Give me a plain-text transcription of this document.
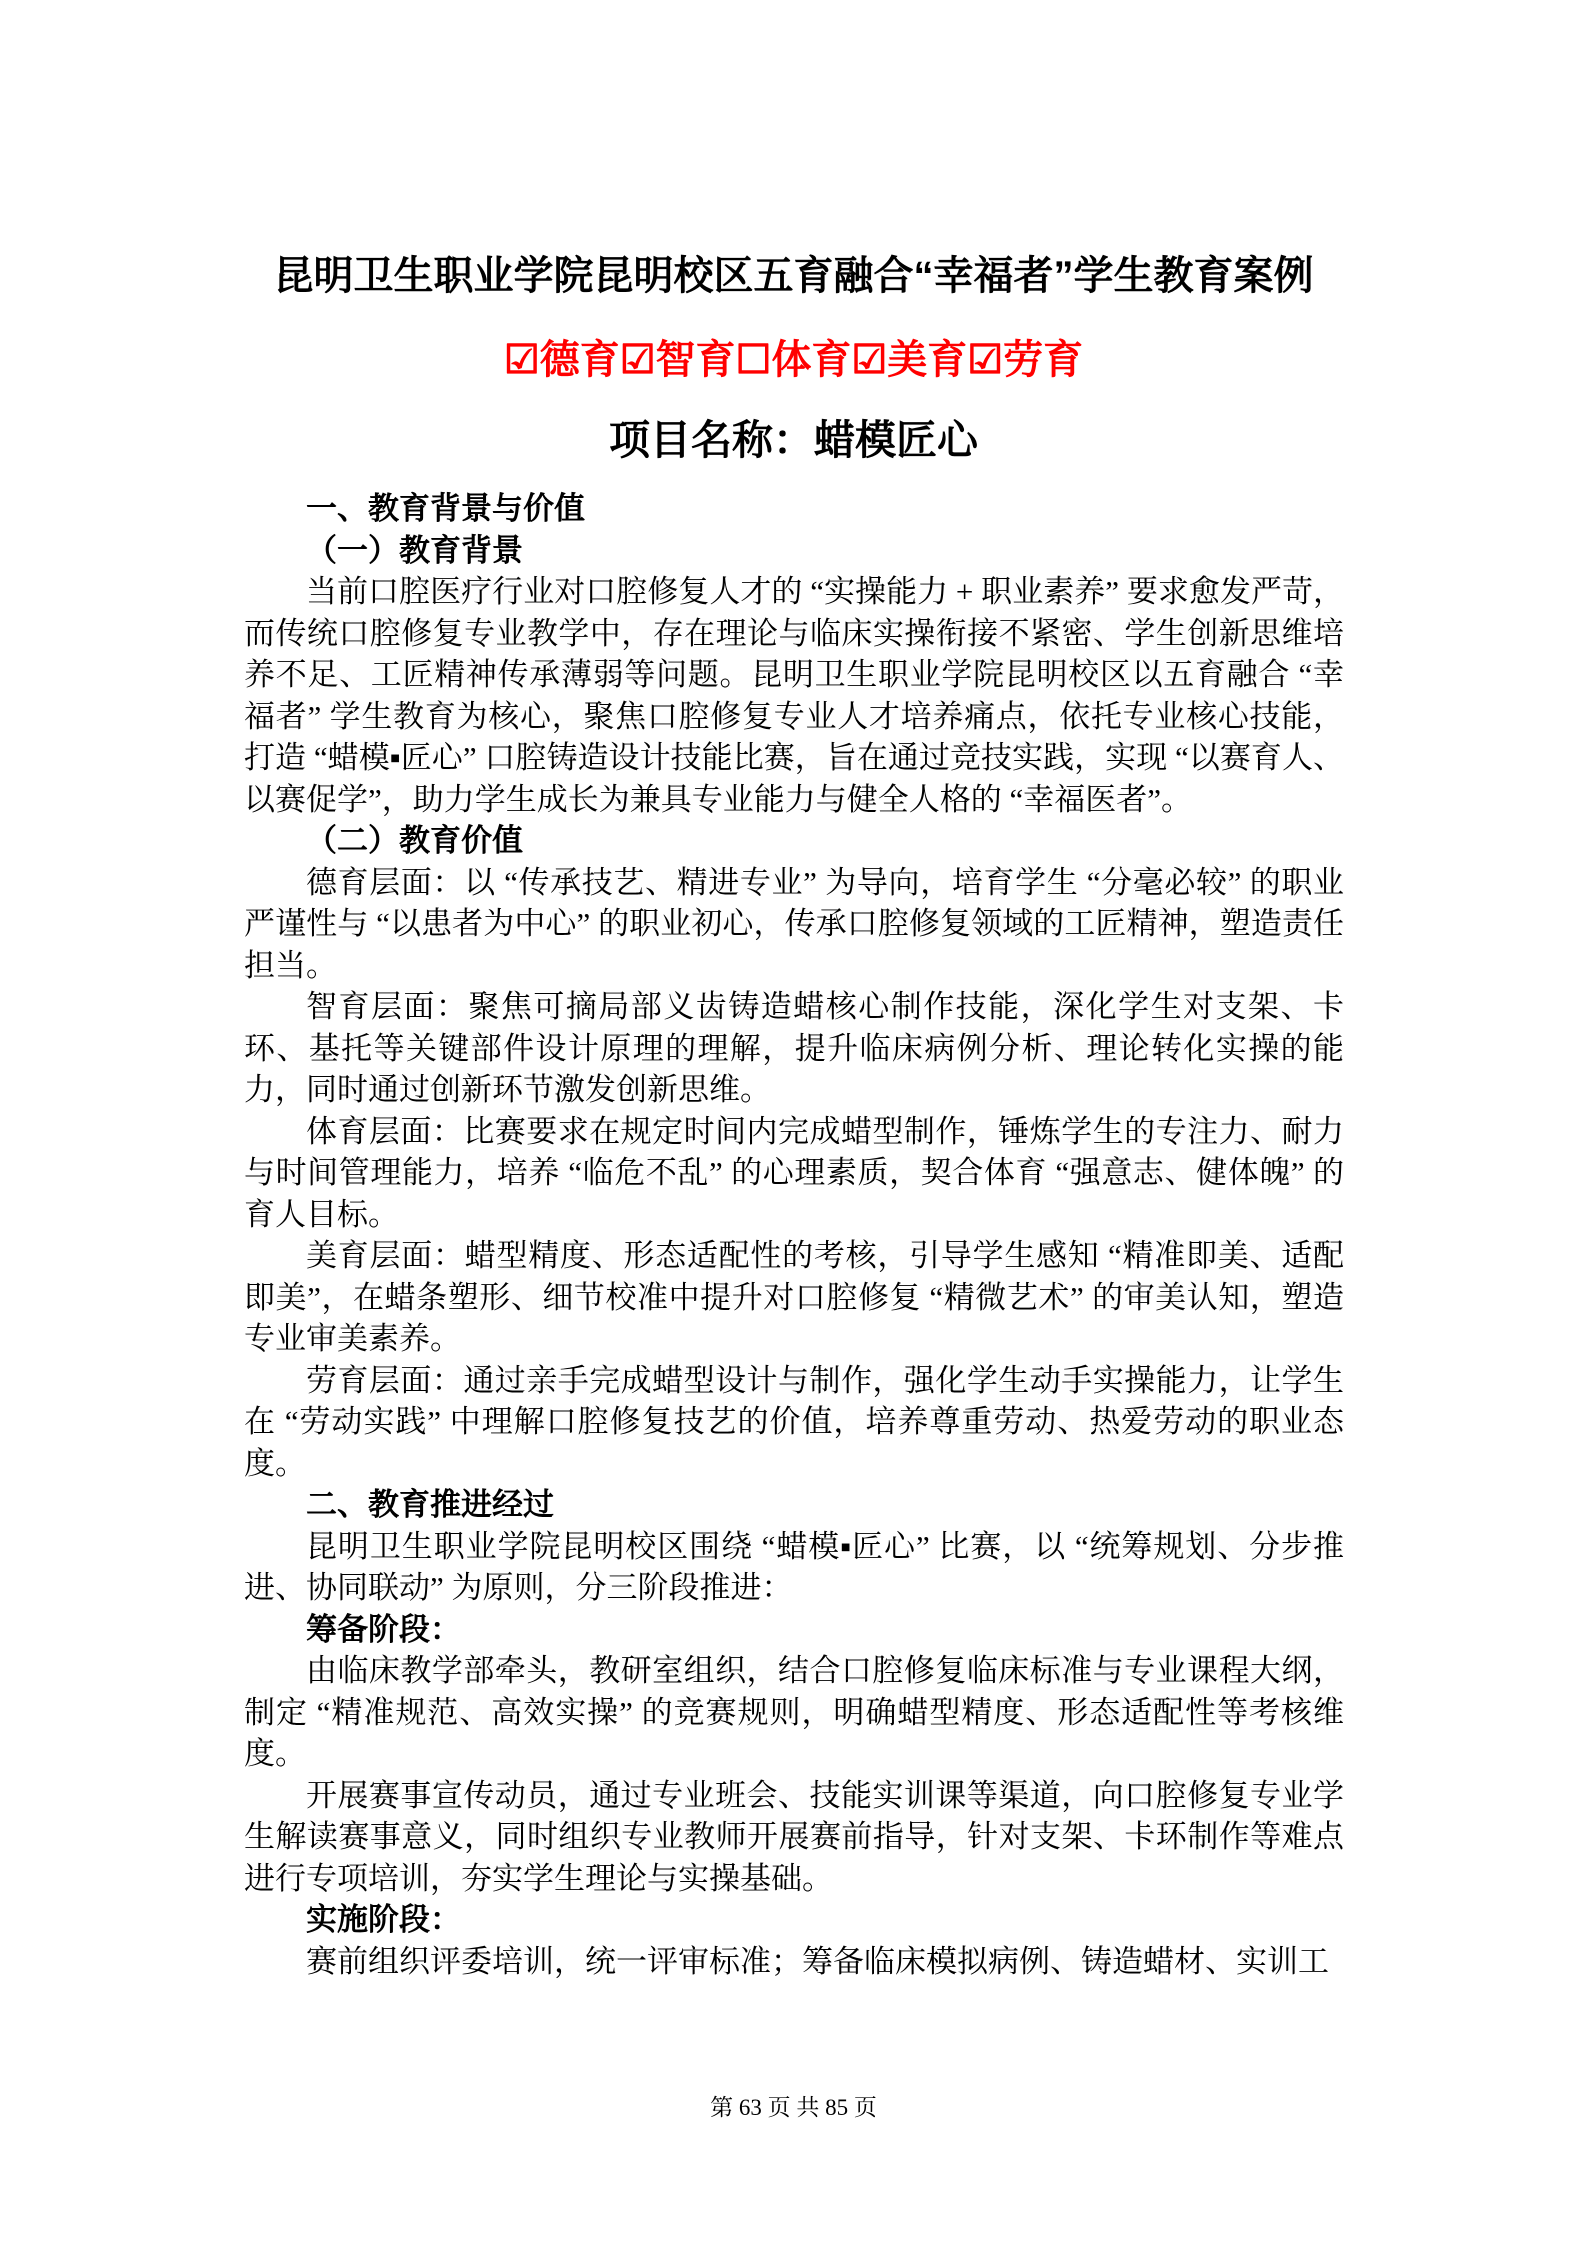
昆明卫生职业学院昆明校区五育融合“幸福者”学生教育案例
☑德育☑智育☐体育☑美育☑劳育
项目名称：蜡模匠心
一、教育背景与价值
（一）教育背景
当前口腔医疗行业对口腔修复人才的 “实操能力 + 职业素养” 要求愈发严苛，而传统口腔修复专业教学中，存在理论与临床实操衔接不紧密、学生创新思维培养不足、工匠精神传承薄弱等问题。昆明卫生职业学院昆明校区以五育融合 “幸福者” 学生教育为核心，聚焦口腔修复专业人才培养痛点，依托专业核心技能，打造 “蜡模▪匠心” 口腔铸造设计技能比赛，旨在通过竞技实践，实现 “以赛育人、以赛促学”，助力学生成长为兼具专业能力与健全人格的 “幸福医者”。
（二）教育价值
德育层面：以 “传承技艺、精进专业” 为导向，培育学生 “分毫必较” 的职业严谨性与 “以患者为中心” 的职业初心，传承口腔修复领域的工匠精神，塑造责任担当。
智育层面：聚焦可摘局部义齿铸造蜡核心制作技能，深化学生对支架、卡环、基托等关键部件设计原理的理解，提升临床病例分析、理论转化实操的能力，同时通过创新环节激发创新思维。
体育层面：比赛要求在规定时间内完成蜡型制作，锤炼学生的专注力、耐力与时间管理能力，培养 “临危不乱” 的心理素质，契合体育 “强意志、健体魄” 的育人目标。
美育层面：蜡型精度、形态适配性的考核，引导学生感知 “精准即美、适配即美”，在蜡条塑形、细节校准中提升对口腔修复 “精微艺术” 的审美认知，塑造专业审美素养。
劳育层面：通过亲手完成蜡型设计与制作，强化学生动手实操能力，让学生在 “劳动实践” 中理解口腔修复技艺的价值，培养尊重劳动、热爱劳动的职业态度。
二、教育推进经过
昆明卫生职业学院昆明校区围绕 “蜡模▪匠心” 比赛，以 “统筹规划、分步推进、协同联动” 为原则，分三阶段推进：
筹备阶段：
由临床教学部牵头，教研室组织，结合口腔修复临床标准与专业课程大纲，制定 “精准规范、高效实操” 的竞赛规则，明确蜡型精度、形态适配性等考核维度。
开展赛事宣传动员，通过专业班会、技能实训课等渠道，向口腔修复专业学生解读赛事意义，同时组织专业教师开展赛前指导，针对支架、卡环制作等难点进行专项培训，夯实学生理论与实操基础。
实施阶段：
赛前组织评委培训，统一评审标准；筹备临床模拟病例、铸造蜡材、实训工
第 63 页 共 85 页
